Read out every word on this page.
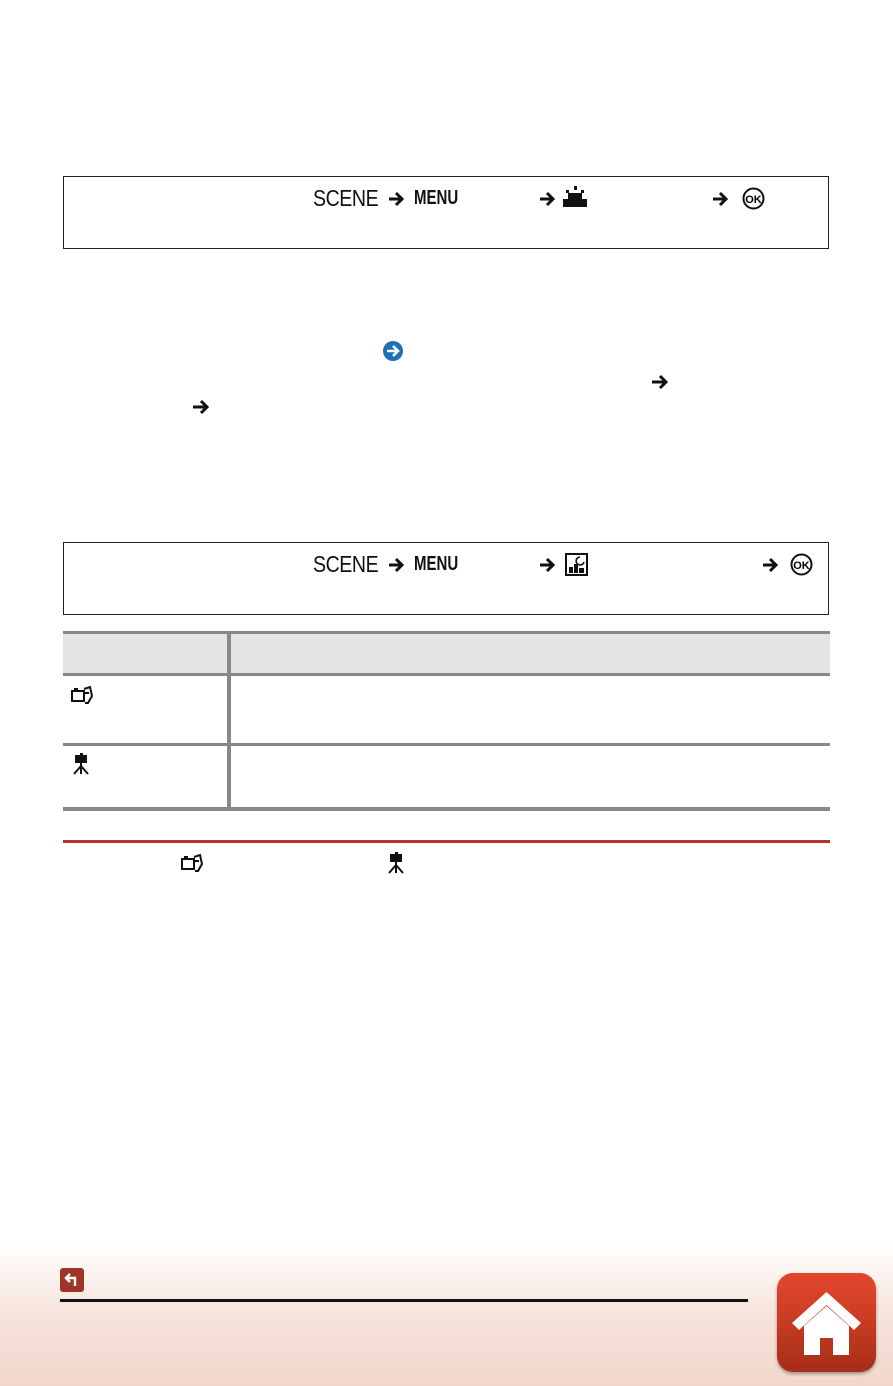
SCENE MENU	OK
SCENE MENU	OK
